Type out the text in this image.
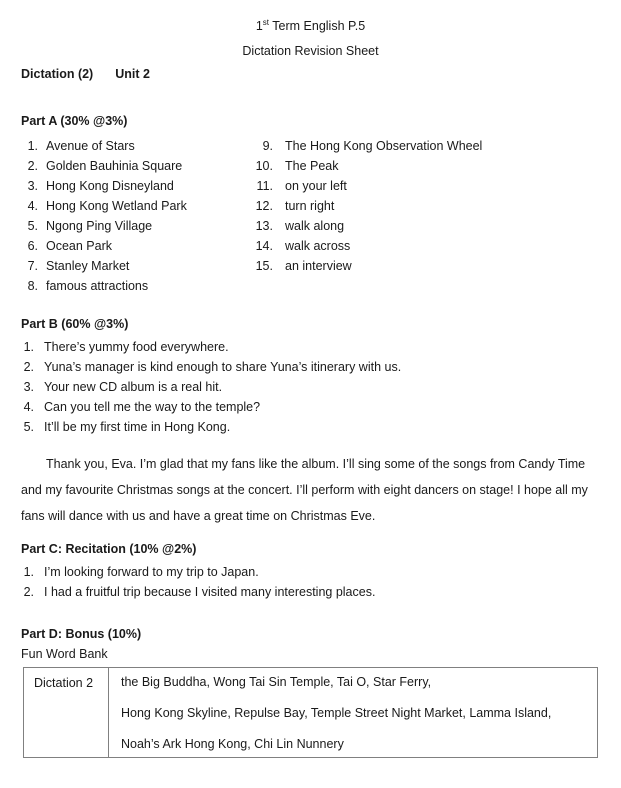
1st Term English P.5
Dictation Revision Sheet
Dictation (2) Unit 2
Part A (30% @3%)
1. Avenue of Stars
2. Golden Bauhinia Square
3. Hong Kong Disneyland
4. Hong Kong Wetland Park
5. Ngong Ping Village
6. Ocean Park
7. Stanley Market
8. famous attractions
9. The Hong Kong Observation Wheel
10. The Peak
11. on your left
12. turn right
13. walk along
14. walk across
15. an interview
Part B (60% @3%)
1. There’s yummy food everywhere.
2. Yuna’s manager is kind enough to share Yuna’s itinerary with us.
3. Your new CD album is a real hit.
4. Can you tell me the way to the temple?
5. It’ll be my first time in Hong Kong.
Thank you, Eva. I’m glad that my fans like the album. I’ll sing some of the songs from Candy Time and my favourite Christmas songs at the concert. I’ll perform with eight dancers on stage! I hope all my fans will dance with us and have a great time on Christmas Eve.
Part C: Recitation (10% @2%)
1. I’m looking forward to my trip to Japan.
2. I had a fruitful trip because I visited many interesting places.
Part D: Bonus (10%)
Fun Word Bank
Dictation 2	the Big Buddha, Wong Tai Sin Temple, Tai O, Star Ferry,

Hong Kong Skyline, Repulse Bay, Temple Street Night Market, Lamma Island,

Noah’s Ark Hong Kong, Chi Lin Nunnery
